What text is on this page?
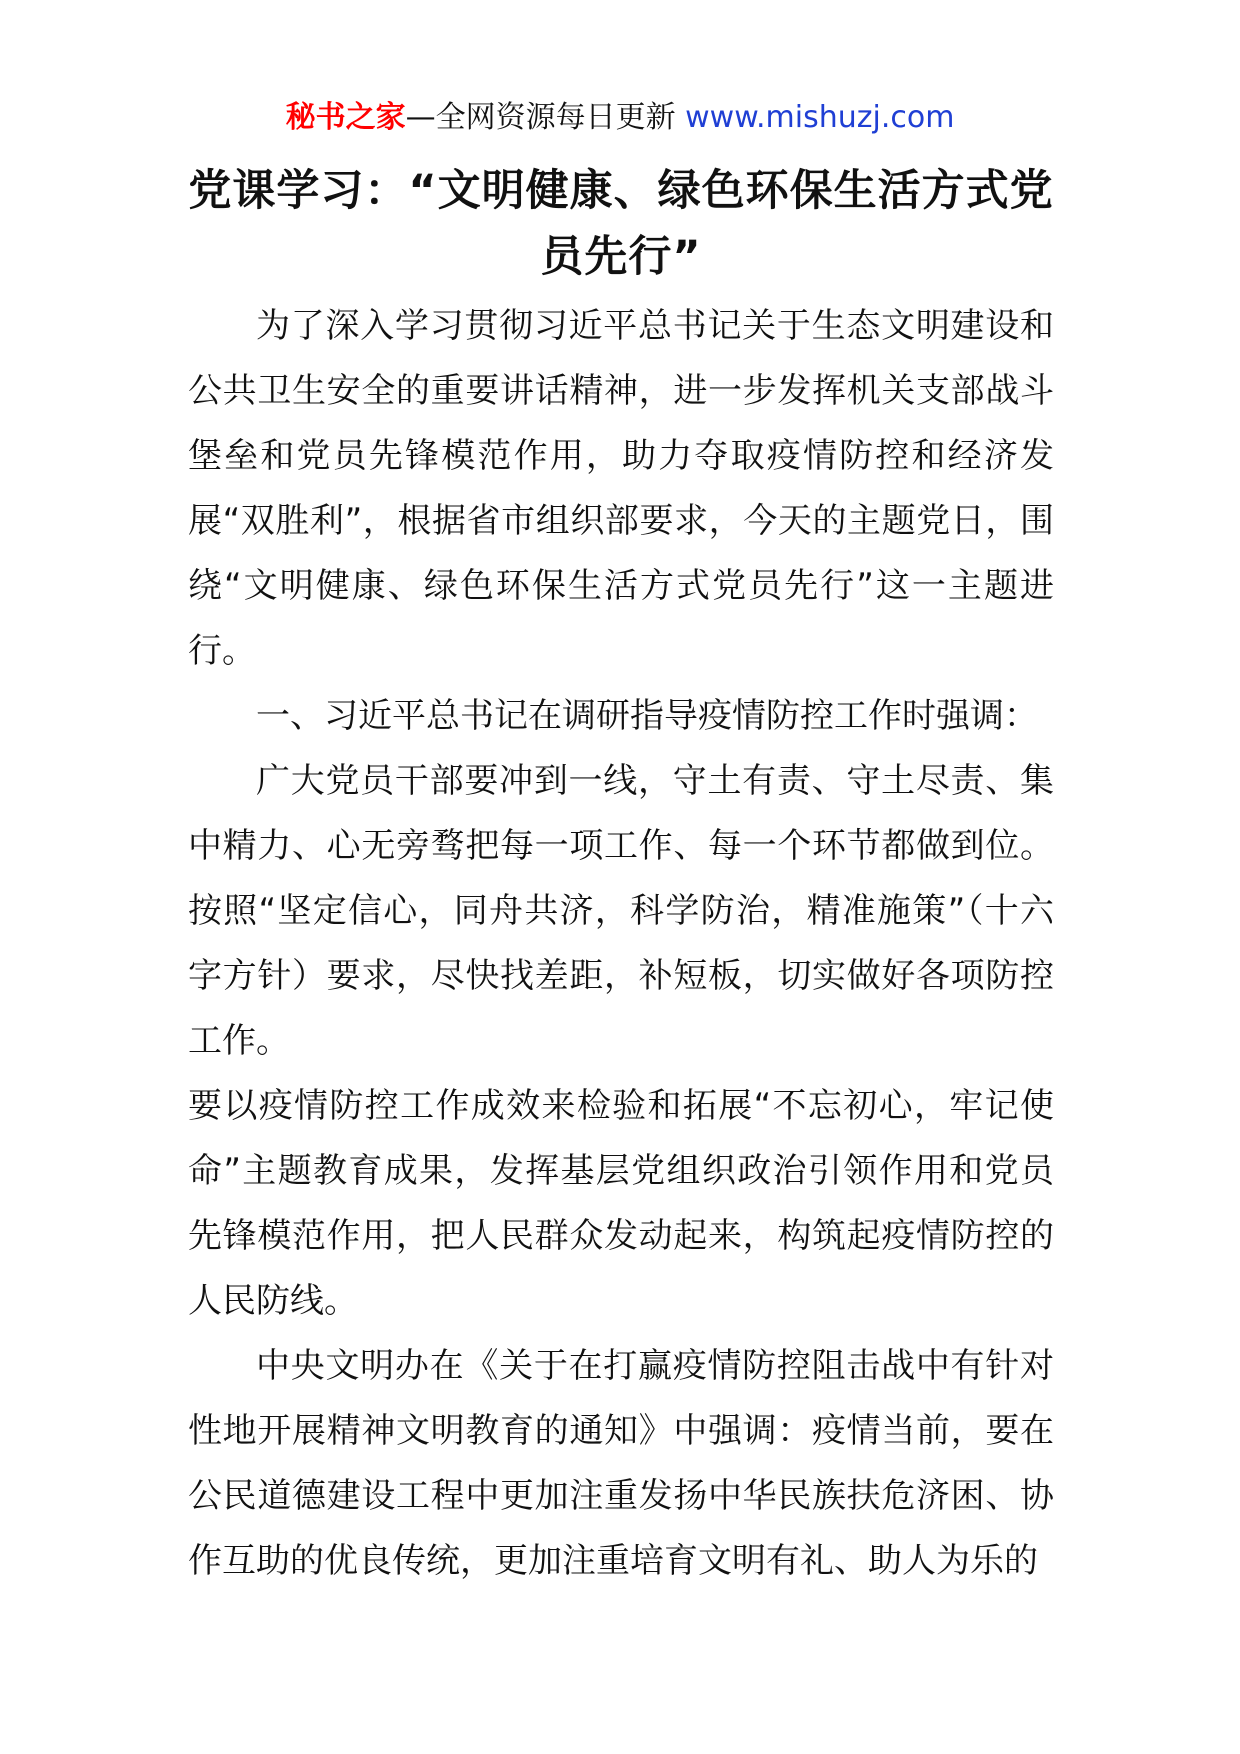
秘书之家—全网资源每日更新 www.mishuzj.com
党课学习：“文明健康、绿色环保生活方式党员先行”

为了深入学习贯彻习近平总书记关于生态文明建设和公共卫生安全的重要讲话精神，进一步发挥机关支部战斗堡垒和党员先锋模范作用，助力夺取疫情防控和经济发展“双胜利”，根据省市组织部要求，今天的主题党日，围绕“文明健康、绿色环保生活方式党员先行”这一主题进行。

一、习近平总书记在调研指导疫情防控工作时强调：

广大党员干部要冲到一线，守土有责、守土尽责、集中精力、心无旁骛把每一项工作、每一个环节都做到位。按照“坚定信心，同舟共济，科学防治，精准施策”（十六字方针）要求，尽快找差距，补短板，切实做好各项防控工作。

要以疫情防控工作成效来检验和拓展“不忘初心，牢记使命”主题教育成果，发挥基层党组织政治引领作用和党员先锋模范作用，把人民群众发动起来，构筑起疫情防控的人民防线。

中央文明办在《关于在打赢疫情防控阻击战中有针对性地开展精神文明教育的通知》中强调：疫情当前，要在公民道德建设工程中更加注重发扬中华民族扶危济困、协作互助的优良传统，更加注重培育文明有礼、助人为乐的
